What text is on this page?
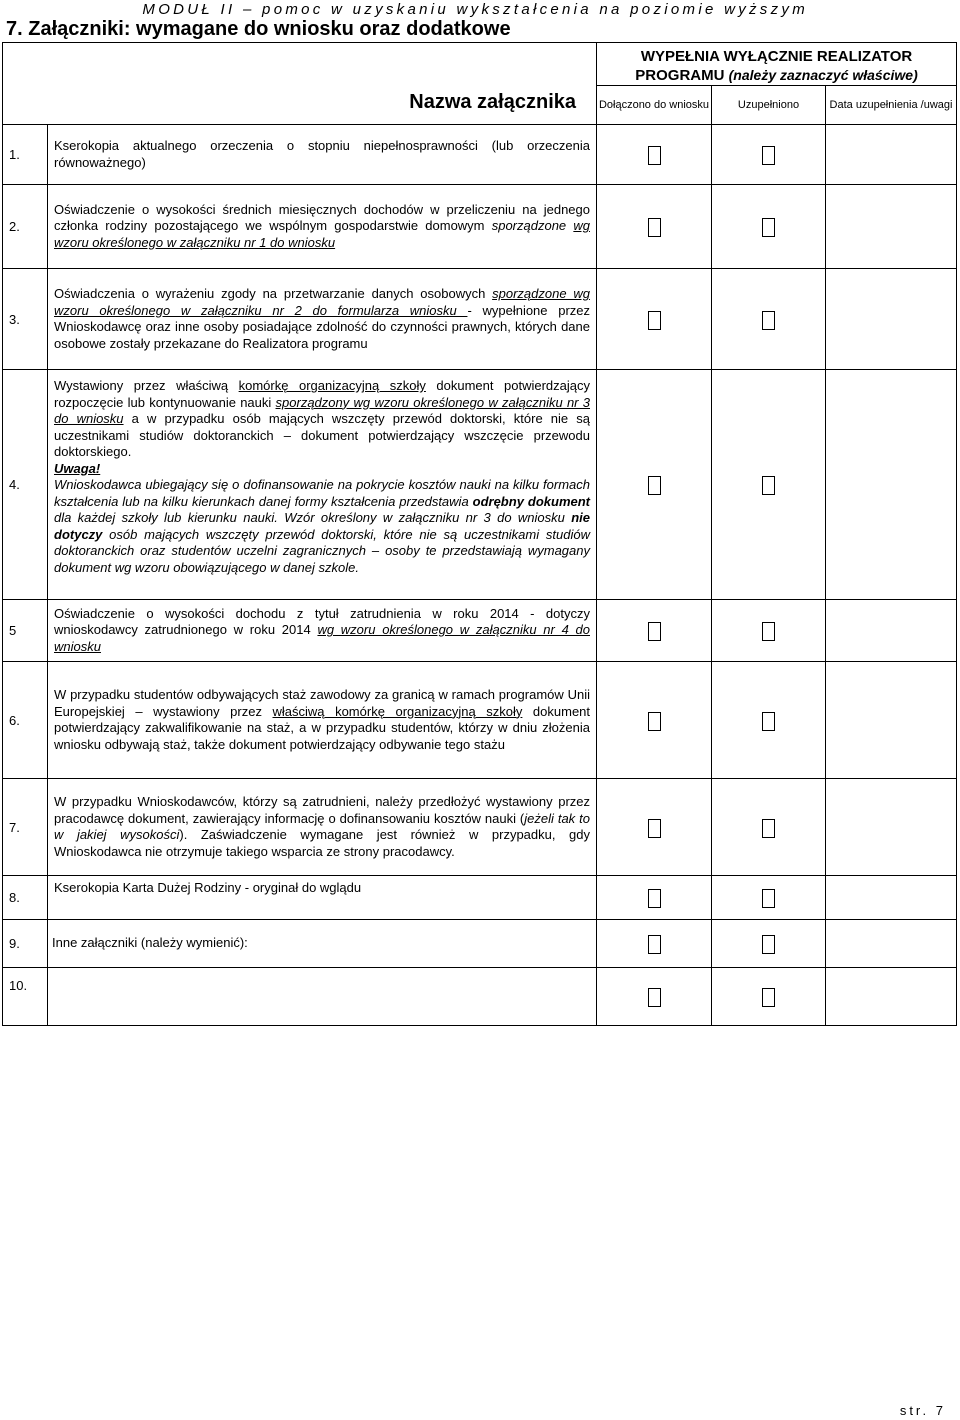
MODUŁ II – pomoc w uzyskaniu wykształcenia na poziomie wyższym
7. Załączniki: wymagane do wniosku oraz dodatkowe
Nazwa załącznika		WYPEŁNIA WYŁĄCZNIE REALIZATOR PROGRAMU (należy zaznaczyć właściwe)		
		Dołączono do wniosku	Uzupełniono	Data uzupełnienia /uwagi
1.	Kserokopia aktualnego orzeczenia o stopniu niepełnosprawności (lub orzeczenia równoważnego)			
2.	Oświadczenie o wysokości średnich miesięcznych dochodów w przeliczeniu na jednego członka rodziny pozostającego we wspólnym gospodarstwie domowym sporządzone wg wzoru określonego w załączniku nr 1 do wniosku			
3.	Oświadczenia o wyrażeniu zgody na przetwarzanie danych osobowych sporządzone wg wzoru określonego w załączniku nr 2 do formularza wniosku - wypełnione przez Wnioskodawcę oraz inne osoby posiadające zdolność do czynności prawnych, których dane osobowe zostały przekazane do Realizatora programu			
4.	Wystawiony przez właściwą komórkę organizacyjną szkoły dokument potwierdzający rozpoczęcie lub kontynuowanie nauki sporządzony wg wzoru określonego w załączniku nr 3 do wniosku a w przypadku osób mających wszczęty przewód doktorski, które nie są uczestnikami studiów doktoranckich – dokument potwierdzający wszczęcie przewodu doktorskiego.

Uwaga!

Wnioskodawca ubiegający się o dofinansowanie na pokrycie kosztów nauki na kilku formach kształcenia lub na kilku kierunkach danej formy kształcenia przedstawia odrębny dokument dla każdej szkoły lub kierunku nauki. Wzór określony w załączniku nr 3 do wniosku nie dotyczy osób mających wszczęty przewód doktorski, które nie są uczestnikami studiów doktoranckich oraz studentów uczelni zagranicznych – osoby te przedstawiają wymagany dokument wg wzoru obowiązującego w danej szkole.			

5	Oświadczenie o wysokości dochodu z tytuł zatrudnienia w roku 2014 - dotyczy wnioskodawcy zatrudnionego w roku 2014 wg wzoru określonego w załączniku nr 4 do wniosku			
6.	W przypadku studentów odbywających staż zawodowy za granicą w ramach programów Unii Europejskiej – wystawiony przez właściwą komórkę organizacyjną szkoły dokument potwierdzający zakwalifikowanie na staż, a w przypadku studentów, którzy w dniu złożenia wniosku odbywają staż, także dokument potwierdzający odbywanie tego stażu			
7.	W przypadku Wnioskodawców, którzy są zatrudnieni, należy przedłożyć wystawiony przez pracodawcę dokument, zawierający informację o dofinansowaniu kosztów nauki (jeżeli tak to w jakiej wysokości). Zaświadczenie wymagane jest również w przypadku, gdy Wnioskodawca nie otrzymuje takiego wsparcia ze strony pracodawcy.			
8.	Kserokopia Karta Dużej Rodziny - oryginał do wglądu			
9.	Inne załączniki (należy wymienić):			
10.				
str. 7
